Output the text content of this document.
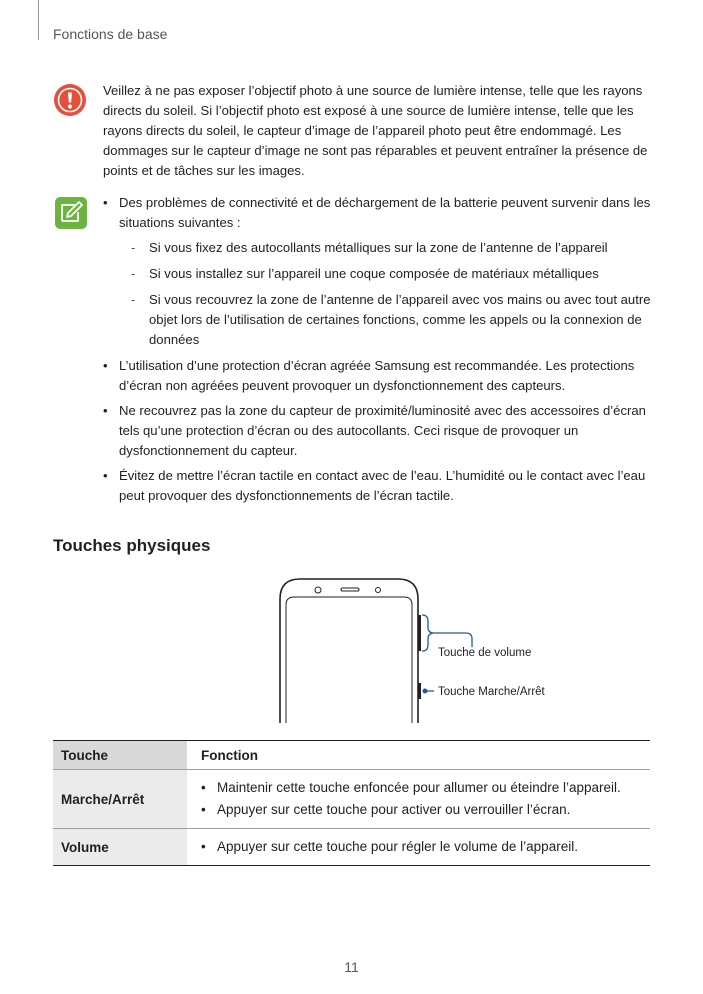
Fonctions de base
Veillez à ne pas exposer l’objectif photo à une source de lumière intense, telle que les rayons directs du soleil. Si l’objectif photo est exposé à une source de lumière intense, telle que les rayons directs du soleil, le capteur d’image de l’appareil photo peut être endommagé. Les dommages sur le capteur d’image ne sont pas réparables et peuvent entraîner la présence de points et de tâches sur les images.
• Des problèmes de connectivité et de déchargement de la batterie peuvent survenir dans les situations suivantes :
- Si vous fixez des autocollants métalliques sur la zone de l’antenne de l’appareil
- Si vous installez sur l’appareil une coque composée de matériaux métalliques
- Si vous recouvrez la zone de l’antenne de l’appareil avec vos mains ou avec tout autre objet lors de l’utilisation de certaines fonctions, comme les appels ou la connexion de données
• L’utilisation d’une protection d’écran agréée Samsung est recommandée. Les protections d’écran non agréées peuvent provoquer un dysfonctionnement des capteurs.
• Ne recouvrez pas la zone du capteur de proximité/luminosité avec des accessoires d’écran tels qu’une protection d’écran ou des autocollants. Ceci risque de provoquer un dysfonctionnement du capteur.
• Évitez de mettre l’écran tactile en contact avec de l’eau. L’humidité ou le contact avec l’eau peut provoquer des dysfonctionnements de l’écran tactile.
Touches physiques
Touche de volume
Touche Marche/Arrêt
Touche	Fonction
Marche/Arrêt	• Maintenir cette touche enfoncée pour allumer ou éteindre l’appareil.
• Appuyer sur cette touche pour activer ou verrouiller l’écran.

Volume	• Appuyer sur cette touche pour régler le volume de l’appareil.
11
